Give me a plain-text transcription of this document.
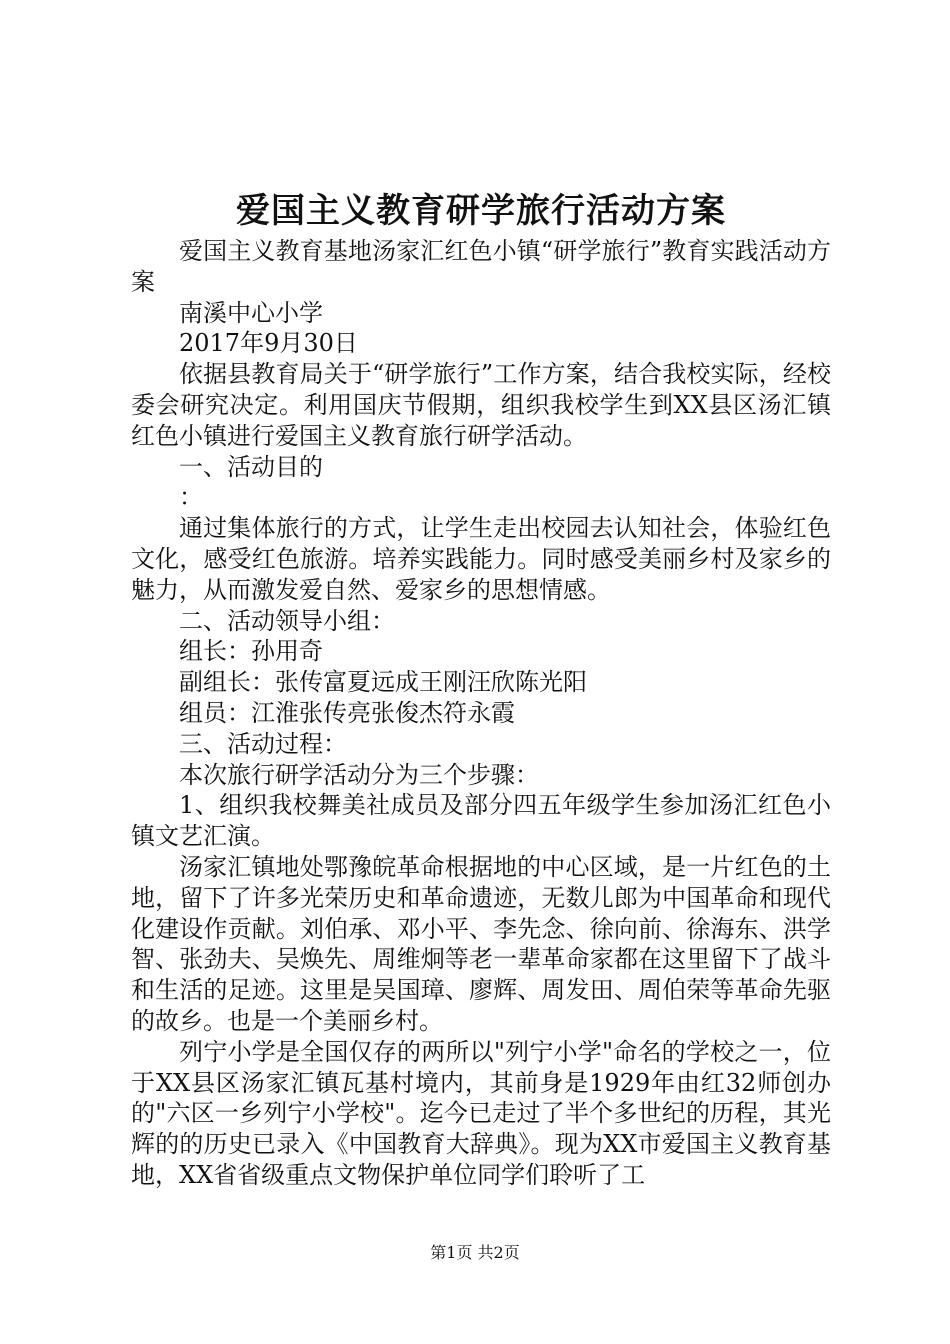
爱国主义教育研学旅行活动方案

爱国主义教育基地汤家汇红色小镇“研学旅行”教育实践活动方案

南溪中心小学

2017年9月30日

依据县教育局关于“研学旅行”工作方案，结合我校实际，经校委会研究决定。利用国庆节假期，组织我校学生到XX县区汤汇镇红色小镇进行爱国主义教育旅行研学活动。

一、活动目的

：

通过集体旅行的方式，让学生走出校园去认知社会，体验红色文化，感受红色旅游。培养实践能力。同时感受美丽乡村及家乡的魅力，从而激发爱自然、爱家乡的思想情感。

二、活动领导小组：

组长：孙用奇

副组长：张传富夏远成王刚汪欣陈光阳

组员：江淮张传亮张俊杰符永霞

三、活动过程：

本次旅行研学活动分为三个步骤：

1、组织我校舞美社成员及部分四五年级学生参加汤汇红色小镇文艺汇演。

汤家汇镇地处鄂豫皖革命根据地的中心区域，是一片红色的土地，留下了许多光荣历史和革命遗迹，无数儿郎为中国革命和现代化建设作贡献。刘伯承、邓小平、李先念、徐向前、徐海东、洪学智、张劲夫、吴焕先、周维炯等老一辈革命家都在这里留下了战斗和生活的足迹。这里是吴国璋、廖辉、周发田、周伯荣等革命先驱的故乡。也是一个美丽乡村。

列宁小学是全国仅存的两所以"列宁小学"命名的学校之一，位于XX县区汤家汇镇瓦基村境内，其前身是1929年由红32师创办的"六区一乡列宁小学校"。迄今已走过了半个多世纪的历程，其光辉的的历史已录入《中国教育大辞典》。现为XX市爱国主义教育基地，XX省省级重点文物保护单位同学们聆听了工

第1页 共2页
